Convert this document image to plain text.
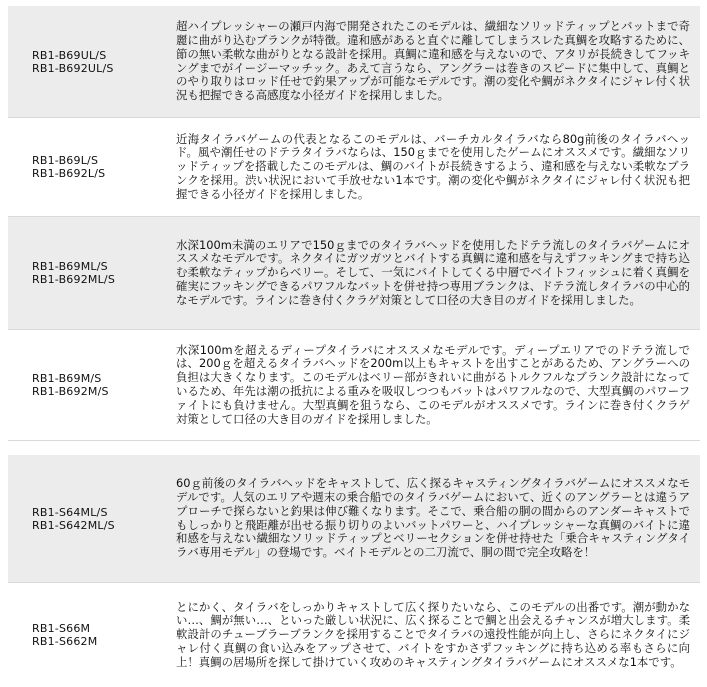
RB1-B69UL/S
RB1-B692UL/S
超ハイプレッシャーの瀬戸内海で開発されたこのモデルは、繊細なソリッドティップとバットまで奇麗に曲がり込むブランクが特徴。違和感があると直ぐに離してしまうスレた真鯛を攻略するために、節の無い柔軟な曲がりとなる設計を採用。真鯛に違和感を与えないので、アタリが長続きしてフッキングまでがイージーマッチック。あえて言うなら、アングラーは巻きのスピードに集中して、真鯛とのやり取りはロッド任せで釣果アップが可能なモデルです。潮の変化や鯛がネクタイにジャレ付く状況も把握できる高感度な小径ガイドを採用しました。
RB1-B69L/S
RB1-B692L/S
近海タイラバゲームの代表となるこのモデルは、バーチカルタイラバなら80g前後のタイラバヘッド。風や潮任せのドテラタイラバならは、150ｇまでを使用したゲームにオススメです。繊細なソリッドティップを搭載したこのモデルは、鯛のバイトが長続きするよう、違和感を与えない柔軟なブランクを採用。渋い状況において手放せない1本です。潮の変化や鯛がネクタイにジャレ付く状況も把握できる小径ガイドを採用しました。
RB1-B69ML/S
RB1-B692ML/S
水深100m未満のエリアで150ｇまでのタイラバヘッドを使用したドテラ流しのタイラバゲームにオススメなモデルです。ネクタイにガツガツとバイトする真鯛に違和感を与えずフッキングまで持ち込む柔軟なティップからベリー。そして、一気にバイトしてくる中層でベイトフィッシュに着く真鯛を確実にフッキングできるパワフルなバットを併せ持つ専用ブランクは、ドテラ流しタイラバの中心的なモデルです。ラインに巻き付くクラゲ対策として口径の大き目のガイドを採用しました。
RB1-B69M/S
RB1-B692M/S
水深100mを超えるディープタイラバにオススメなモデルです。ディープエリアでのドテラ流しでは、200ｇを超えるタイラバヘッドを200m以上もキャストを出すことがあるため、アングラーへの負担は大きくなります。このモデルはベリー部がきれいに曲がるトルクフルなブランク設計になっているため、年先は潮の抵抗による重みを吸収しつつもバットはパワフルなので、大型真鯛のパワーファイトにも負けません。大型真鯛を狙うなら、このモデルがオススメです。ラインに巻き付くクラゲ対策として口径の大き目のガイドを採用しました。
RB1-S64ML/S
RB1-S642ML/S
60ｇ前後のタイラバヘッドをキャストして、広く探るキャスティングタイラバゲームにオススメなモデルです。人気のエリアや週末の乗合船でのタイラバゲームにおいて、近くのアングラーとは違うアプローチで探らないと釣果は伸び難くなります。そこで、乗合船の胴の間からのアンダーキャストでもしっかりと飛距離が出せる振り切りのよいバットパワーと、ハイプレッシャーな真鯛のバイトに違和感を与えない繊細なソリッドティップとベリーセクションを併せ持せた「乗合キャスティングタイラバ専用モデル」の登場です。ベイトモデルとの二刀流で、胴の間で完全攻略を！
RB1-S66M
RB1-S662M
とにかく、タイラバをしっかりキャストして広く探りたいなら、このモデルの出番です。潮が動かない…、鯛が無い…、といった厳しい状況に、広く探ることで鯛と出会えるチャンスが増大します。柔軟設計のチューブラーブランクを採用することでタイラバの遠投性能が向上し、さらにネクタイにジャレ付く真鯛の食い込みをアップさせて、バイトをすかさずフッキングに持ち込める率もさらに向上！真鯛の居場所を探して掛けていく攻めのキャスティングタイラバゲームにオススメな1本です。
